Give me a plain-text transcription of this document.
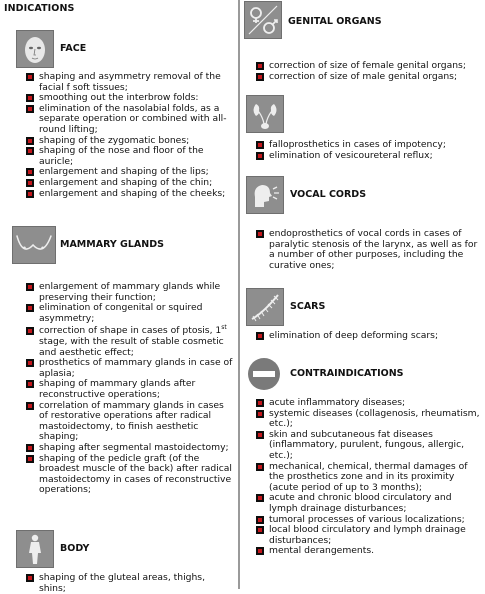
INDICATIONS
FACE
shaping and asymmetry removal of the facial f soft tissues;
smoothing out the interbrow folds:
elimination of the nasolabial folds, as a separate operation or combined with all-round lifting;
shaping of the zygomatic bones;
shaping of the nose and floor of the auricle;
enlargement and shaping of the lips;
enlargement and shaping of the chin;
enlargement and shaping of the cheeks;
MAMMARY GLANDS
enlargement of mammary glands while preserving their function;
elimination of congenital or squired asymmetry;
correction of shape in cases of ptosis, 1st
stage, with the result of stable cosmetic and aesthetic effect;
prosthetics of mammary glands in case of aplasia;
shaping of mammary glands after reconstructive operations;
correlation of mammary glands in cases of restorative operations after radical mastoidectomy, to finish aesthetic shaping;
shaping after segmental mastoidectomy;
shaping of the pedicle graft (of the broadest muscle of the back) after radical mastoidectomy in cases of reconstructive operations;
BODY
shaping of the gluteal areas, thighs, shins;
GENITAL ORGANS
correction of size of female genital organs;
correction of size of male genital organs;
falloprosthetics in cases of impotency;
elimination of vesicoureteral reflux;
VOCAL CORDS
endoprosthetics of vocal cords in cases of paralytic stenosis of the larynx, as well as for a number of other purposes, including the curative ones;
SCARS
elimination of deep deforming scars;
CONTRAINDICATIONS
acute inflammatory diseases;
systemic diseases (collagenosis, rheumatism, etc.);
skin and subcutaneous fat diseases (inflammatory, purulent, fungous, allergic, etc.);
mechanical, chemical, thermal damages of the prosthetics zone and in its proximity (acute period of up to 3 months);
acute and chronic blood circulatory and lymph drainage disturbances;
tumoral processes of various localizations;
local blood circulatory and lymph drainage disturbances;
mental derangements.
